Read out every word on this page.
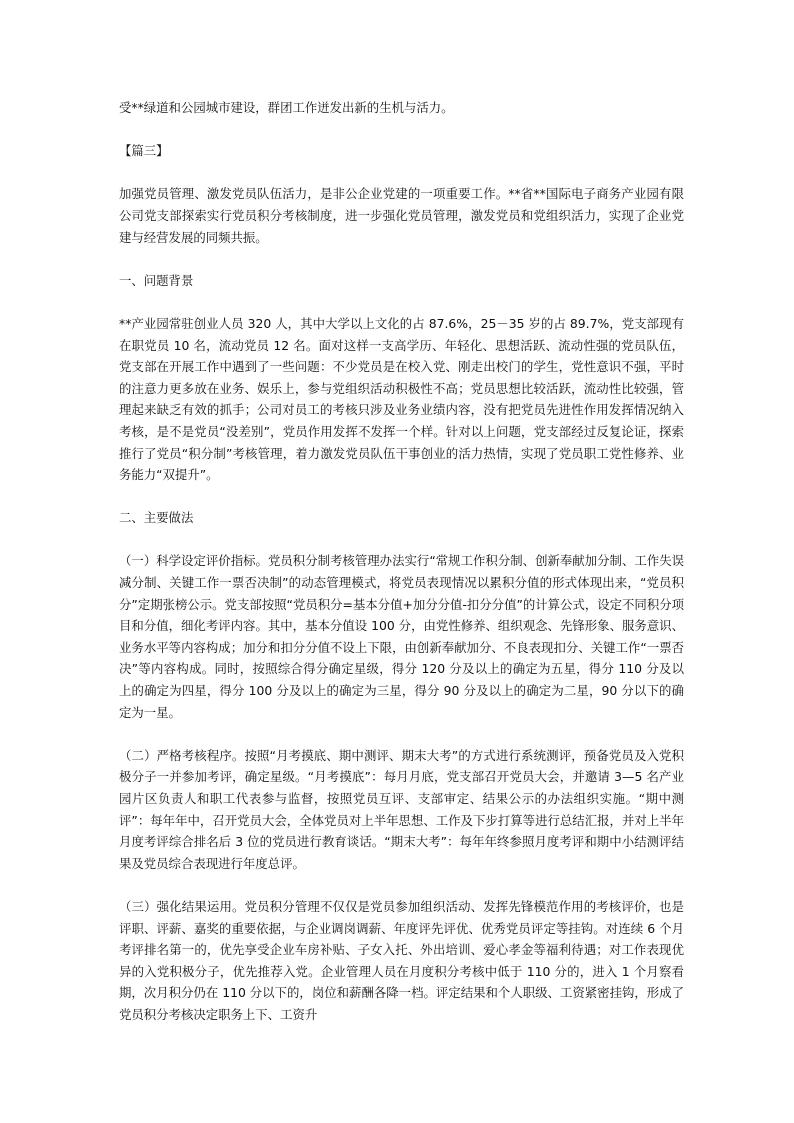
受**绿道和公园城市建设，群团工作迸发出新的生机与活力。

【篇三】

加强党员管理、激发党员队伍活力，是非公企业党建的一项重要工作。**省**国际电子商务产业园有限公司党支部探索实行党员积分考核制度，进一步强化党员管理，激发党员和党组织活力，实现了企业党建与经营发展的同频共振。

一、问题背景

**产业园常驻创业人员 320 人，其中大学以上文化的占 87.6%，25－35 岁的占 89.7%，党支部现有在职党员 10 名，流动党员 12 名。面对这样一支高学历、年轻化、思想活跃、流动性强的党员队伍，党支部在开展工作中遇到了一些问题：不少党员是在校入党、刚走出校门的学生，党性意识不强，平时的注意力更多放在业务、娱乐上，参与党组织活动积极性不高；党员思想比较活跃，流动性比较强，管理起来缺乏有效的抓手；公司对员工的考核只涉及业务业绩内容，没有把党员先进性作用发挥情况纳入考核，是不是党员“没差别”，党员作用发挥不发挥一个样。针对以上问题，党支部经过反复论证，探索推行了党员“积分制”考核管理，着力激发党员队伍干事创业的活力热情，实现了党员职工党性修养、业务能力“双提升”。

二、主要做法

（一）科学设定评价指标。党员积分制考核管理办法实行“常规工作积分制、创新奉献加分制、工作失误减分制、关键工作一票否决制”的动态管理模式，将党员表现情况以累积分值的形式体现出来，“党员积分”定期张榜公示。党支部按照“党员积分=基本分值+加分分值-扣分分值”的计算公式，设定不同积分项目和分值，细化考评内容。其中，基本分值设 100 分，由党性修养、组织观念、先锋形象、服务意识、业务水平等内容构成；加分和扣分分值不设上下限，由创新奉献加分、不良表现扣分、关键工作“一票否决”等内容构成。同时，按照综合得分确定星级，得分 120 分及以上的确定为五星，得分 110 分及以上的确定为四星，得分 100 分及以上的确定为三星，得分 90 分及以上的确定为二星，90 分以下的确定为一星。

（二）严格考核程序。按照“月考摸底、期中测评、期末大考”的方式进行系统测评，预备党员及入党积极分子一并参加考评，确定星级。“月考摸底”：每月月底，党支部召开党员大会，并邀请 3—5 名产业园片区负责人和职工代表参与监督，按照党员互评、支部审定、结果公示的办法组织实施。“期中测评”：每年年中，召开党员大会，全体党员对上半年思想、工作及下步打算等进行总结汇报，并对上半年月度考评综合排名后 3 位的党员进行教育谈话。“期末大考”：每年年终参照月度考评和期中小结测评结果及党员综合表现进行年度总评。

（三）强化结果运用。党员积分管理不仅仅是党员参加组织活动、发挥先锋模范作用的考核评价，也是评职、评薪、嘉奖的重要依据，与企业调岗调薪、年度评先评优、优秀党员评定等挂钩。对连续 6 个月考评排名第一的，优先享受企业车房补贴、子女入托、外出培训、爱心孝金等福利待遇；对工作表现优异的入党积极分子，优先推荐入党。企业管理人员在月度积分考核中低于 110 分的，进入 1 个月察看期，次月积分仍在 110 分以下的，岗位和薪酬各降一档。评定结果和个人职级、工资紧密挂钩，形成了党员积分考核决定职务上下、工资升
